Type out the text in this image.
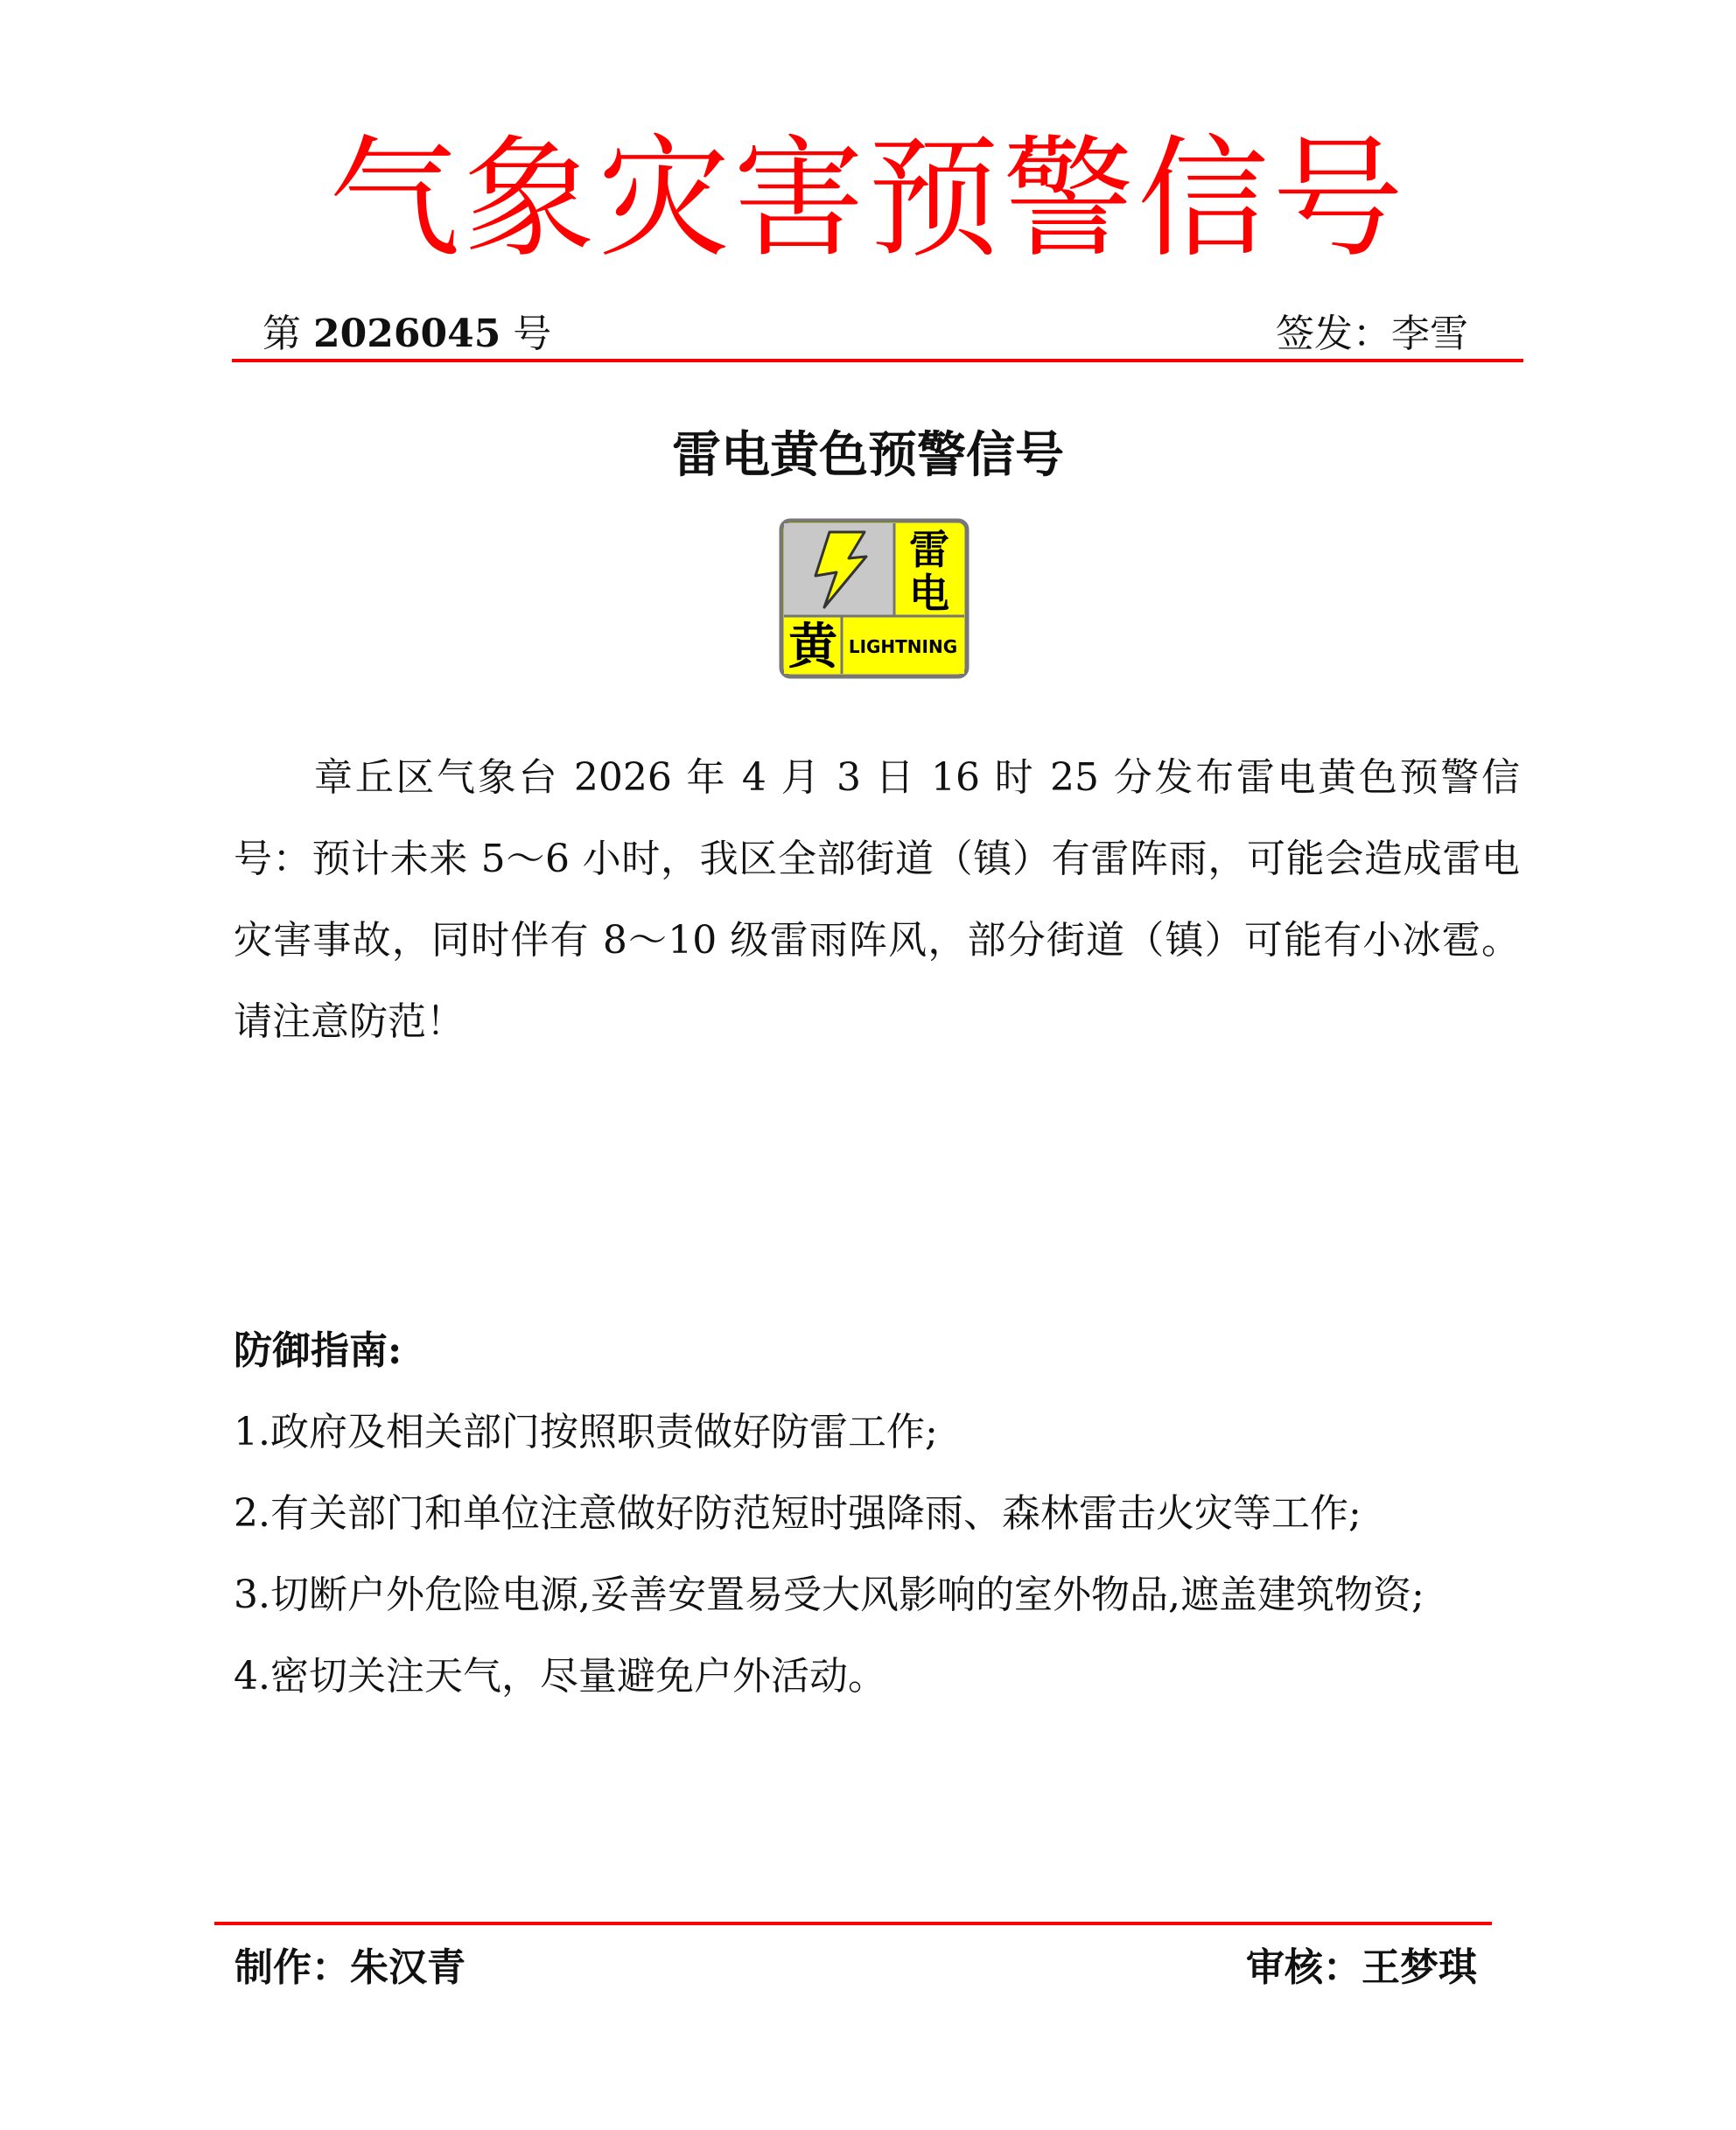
气象灾害预警信号
第 2026045 号	签发：李雪
雷电黄色预警信号
雷电
黄 LIGHTNING

章丘区气象台 2026 年 4 月 3 日 16 时 25 分发布雷电黄色预警信号：预计未来 5～6 小时，我区全部街道（镇）有雷阵雨，可能会造成雷电灾害事故，同时伴有 8～10 级雷雨阵风，部分街道（镇）可能有小冰雹。请注意防范！

防御指南:
1.政府及相关部门按照职责做好防雷工作;
2.有关部门和单位注意做好防范短时强降雨、森林雷击火灾等工作;
3.切断户外危险电源,妥善安置易受大风影响的室外物品,遮盖建筑物资;
4.密切关注天气，尽量避免户外活动。
制作：朱汉青	审核：王梦琪
